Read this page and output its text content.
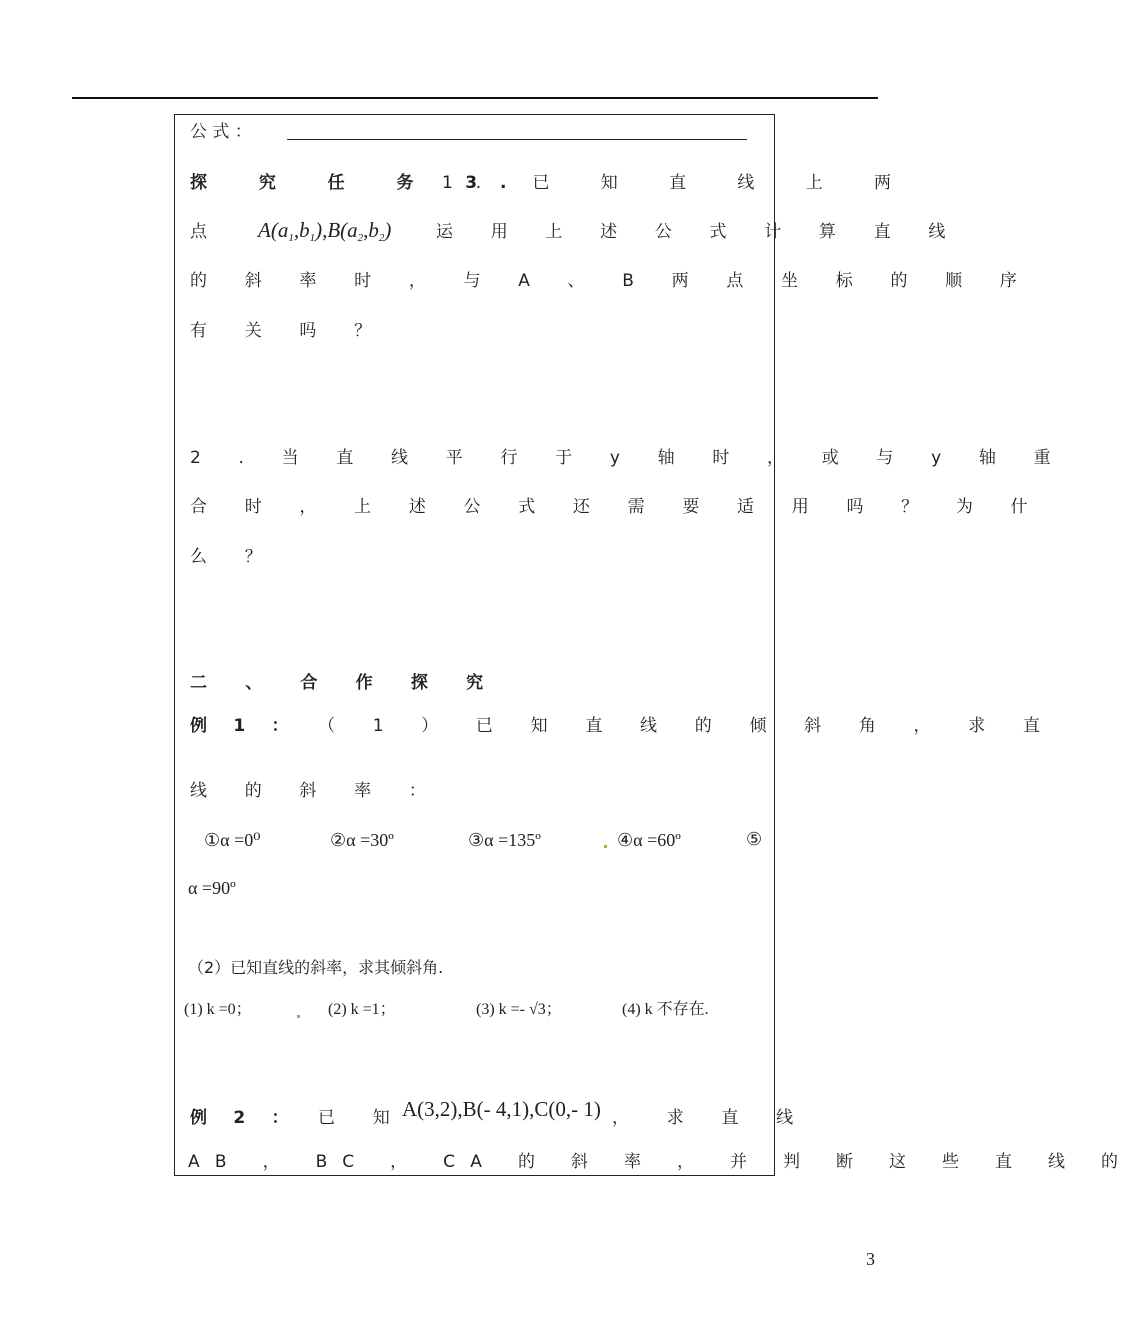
公 式 ：
探 究 任 务 3.
1. 已 知 直 线 上 两
点 $A(a_1,b_1),B(a_2,b_2)$	运 用 上 述 公 式 计 算 直 线
的 斜 率 时 ， 与 A 、 B 两 点 坐 标 的 顺 序
有 关 吗 ？
2 . 当 直 线 平 行 于 y 轴 时 ， 或 与 y 轴 重
合 时 ， 上 述 公 式 还 需 要 适 用 吗 ？ 为 什
么 ？
二 、 合 作 探 究
例 1 ： （ 1 ） 已 知 直 线 的 倾 斜 角 ， 求 直
线 的 斜 率 ：
①α =0⁰	②α =30º	③α =135º	④α =60º	⑤
α =90º
（2）已知直线的斜率，求其倾斜角.
(1) k =0；	(2) k =1；	(3) k =- √3；	(4) k 不存在.
例 2 ： 已 知
A(3,2),B(- 4,1),C(0,- 1) ， 求 直 线
AB ， BC ， CA 的 斜 率 ， 并 判 断 这 些 直 线 的
3
